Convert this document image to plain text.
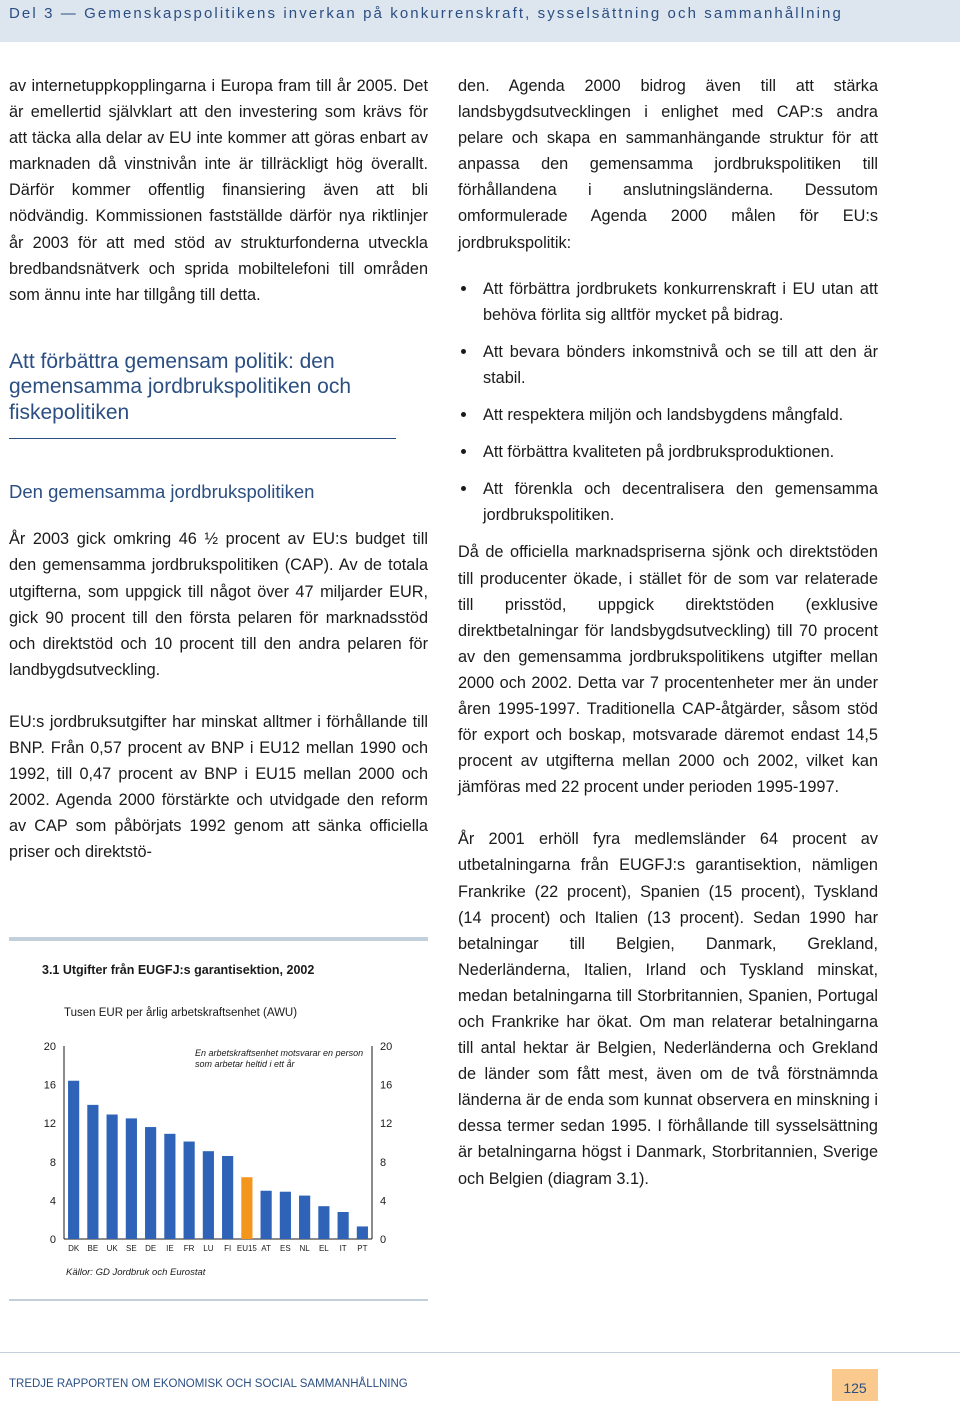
Del 3 — Gemenskapspolitikens inverkan på konkurrenskraft, sysselsättning och sammanhållning

av internetuppkopplingarna i Europa fram till år 2005. Det är emellertid självklart att den investering som krävs för att täcka alla delar av EU inte kommer att göras enbart av marknaden då vinstnivån inte är tillräckligt hög överallt. Därför kommer offentlig finansiering även att bli nödvändig. Kommissionen fastställde därför nya riktlinjer år 2003 för att med stöd av strukturfonderna utveckla bredbandsnätverk och sprida mobiltelefoni till områden som ännu inte har tillgång till detta.

Att förbättra gemensam politik: den gemensamma jordbrukspolitiken och fiskepolitiken
Den gemensamma jordbrukspolitiken

År 2003 gick omkring 46 ½ procent av EU:s budget till den gemensamma jordbrukspolitiken (CAP). Av de totala utgifterna, som uppgick till något över 47 miljarder EUR, gick 90 procent till den första pelaren för marknadsstöd och direktstöd och 10 procent till den andra pelaren för landbygdsutveckling.

EU:s jordbruksutgifter har minskat alltmer i förhållande till BNP. Från 0,57 procent av BNP i EU12 mellan 1990 och 1992, till 0,47 procent av BNP i EU15 mellan 2000 och 2002. Agenda 2000 förstärkte och utvidgade den reform av CAP som påbörjats 1992 genom att sänka officiella priser och direktstö-

den. Agenda 2000 bidrog även till att stärka landsbygdsutvecklingen i enlighet med CAP:s andra pelare och skapa en sammanhängande struktur för att anpassa den gemensamma jordbrukspolitiken till förhållandena i anslutningsländerna. Dessutom omformulerade Agenda 2000 målen för EU:s jordbrukspolitik:

Att förbättra jordbrukets konkurrenskraft i EU utan att behöva förlita sig alltför mycket på bidrag.
Att bevara bönders inkomstnivå och se till att den är stabil.
Att respektera miljön och landsbygdens mångfald.
Att förbättra kvaliteten på jordbruksproduktionen.
Att förenkla och decentralisera den gemensamma jordbrukspolitiken.

Då de officiella marknadspriserna sjönk och direktstöden till producenter ökade, i stället för de som var relaterade till prisstöd, uppgick direktstöden (exklusive direktbetalningar för landsbygdsutveckling) till 70 procent av den gemensamma jordbrukspolitikens utgifter mellan 2000 och 2002. Detta var 7 procentenheter mer än under åren 1995-1997. Traditionella CAP-åtgärder, såsom stöd för export och boskap, motsvarade däremot endast 14,5 procent av utgifterna mellan 2000 och 2002, vilket kan jämföras med 22 procent under perioden 1995-1997.

År 2001 erhöll fyra medlemsländer 64 procent av utbetalningarna från EUGFJ:s garantisektion, nämligen Frankrike (22 procent), Spanien (15 procent), Tyskland (14 procent) och Italien (13 procent). Sedan 1990 har betalningar till Belgien, Danmark, Grekland, Nederländerna, Italien, Irland och Tyskland minskat, medan betalningarna till Storbritannien, Spanien, Portugal och Frankrike har ökat. Om man relaterar betalningarna till antal hektar är Belgien, Nederländerna och Grekland de länder som fått mest, även om de två förstnämnda länderna är de enda som kunnat observera en minskning i dessa termer sedan 1995. I förhållande till sysselsättning är betalningarna högst i Danmark, Storbritannien, Sverige och Belgien (diagram 3.1).

3.1 Utgifter från EUGFJ:s garantisektion, 2002
Tusen EUR per årlig arbetskraftsenhet (AWU)
En arbetskraftsenhet motsvarar en person som arbetar heltid i ett år
0	0
4	4
8	8
12	12
16	16
20	20
DK BE UK SE DE IE FR LU FI EU15 AT ES NL EL IT PT
Källor: GD Jordbruk och Eurostat
TREDJE RAPPORTEN OM EKONOMISK OCH SOCIAL SAMMANHÅLLNING	125
